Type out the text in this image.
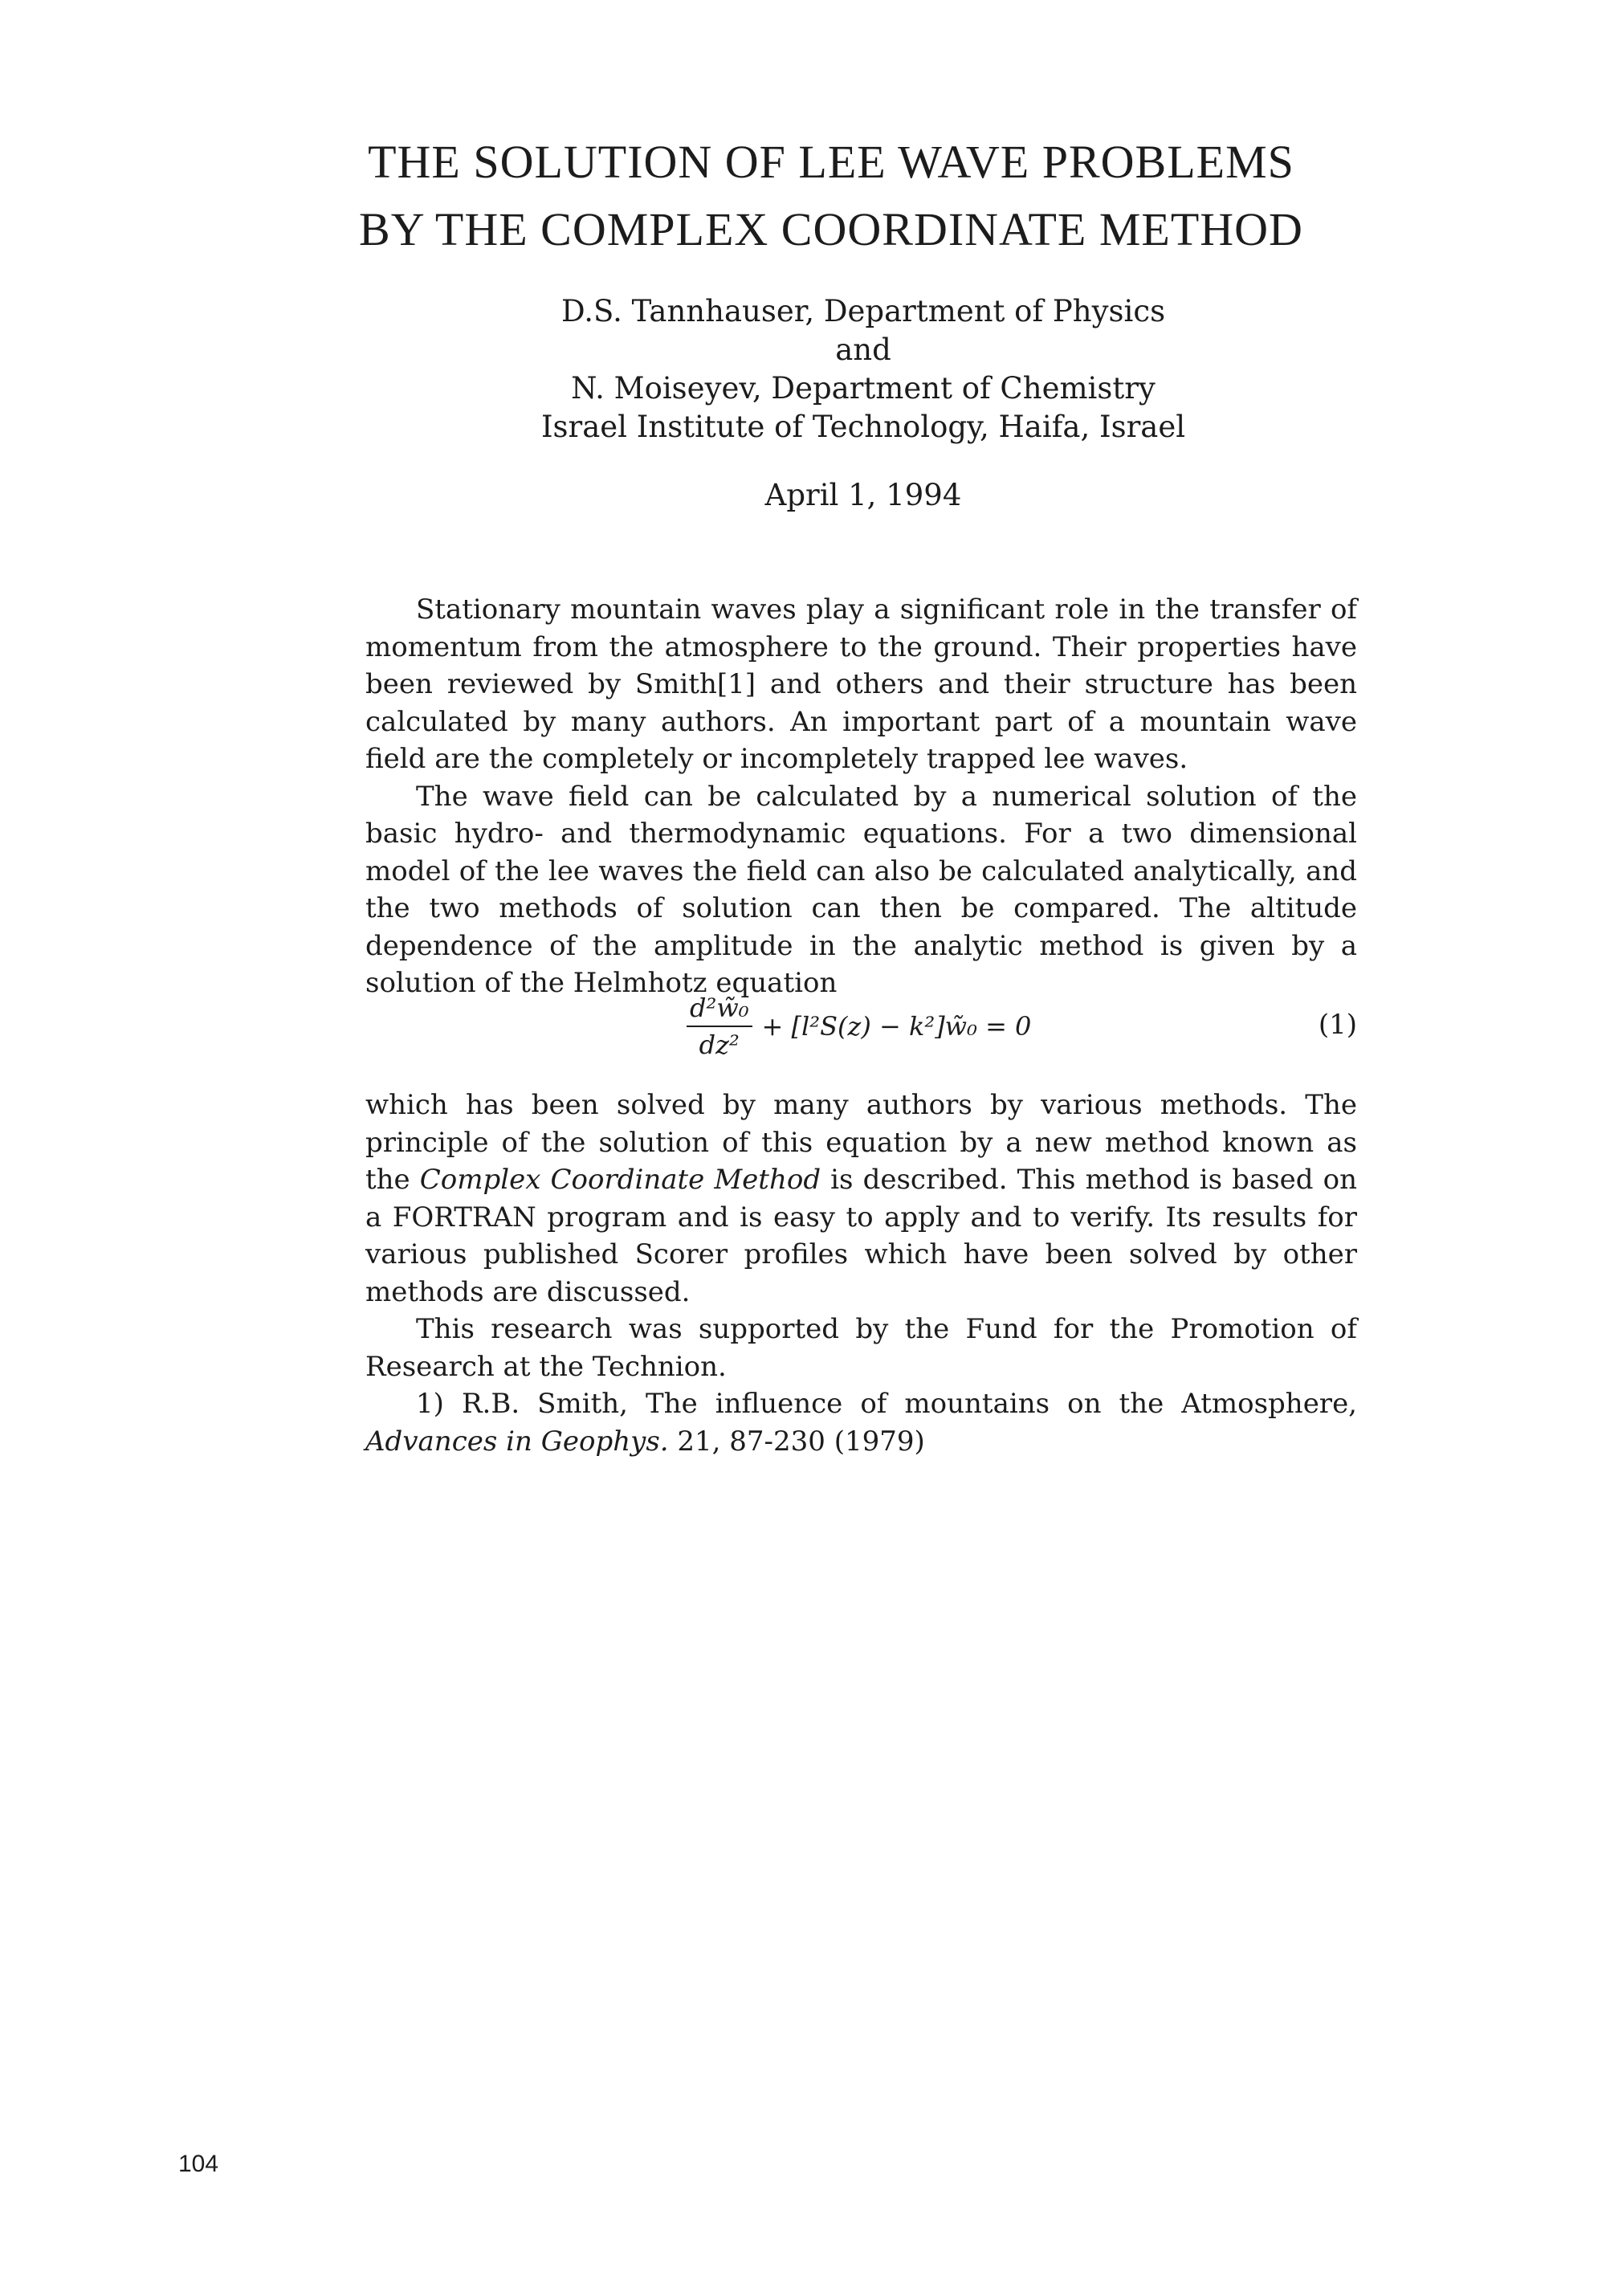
THE SOLUTION OF LEE WAVE PROBLEMS
BY THE COMPLEX COORDINATE METHOD
D.S. Tannhauser, Department of Physics
and
N. Moiseyev, Department of Chemistry
Israel Institute of Technology, Haifa, Israel
April 1, 1994

Stationary mountain waves play a significant role in the transfer of momentum from the atmosphere to the ground. Their properties have been reviewed by Smith[1] and others and their structure has been calculated by many authors. An important part of a mountain wave field are the completely or incompletely trapped lee waves.

The wave field can be calculated by a numerical solution of the basic hydro- and thermodynamic equations. For a two dimensional model of the lee waves the field can also be calculated analytically, and the two methods of solution can then be compared. The altitude dependence of the amplitude in the analytic method is given by a solution of the Helmhotz equation

$\frac{\text{d²w̃₀}}{\text{dz²}} + [l^2S(z)$ − k²]w̃₀ = 0	(1)

which has been solved by many authors by various methods. The principle of the solution of this equation by a new method known as the Complex Coordinate Method is described. This method is based on a FORTRAN program and is easy to apply and to verify. Its results for various published Scorer profiles which have been solved by other methods are discussed.

This research was supported by the Fund for the Promotion of Research at the Technion.

1) R.B. Smith, The influence of mountains on the Atmosphere, Advances in Geophys. 21, 87-230 (1979)

104
